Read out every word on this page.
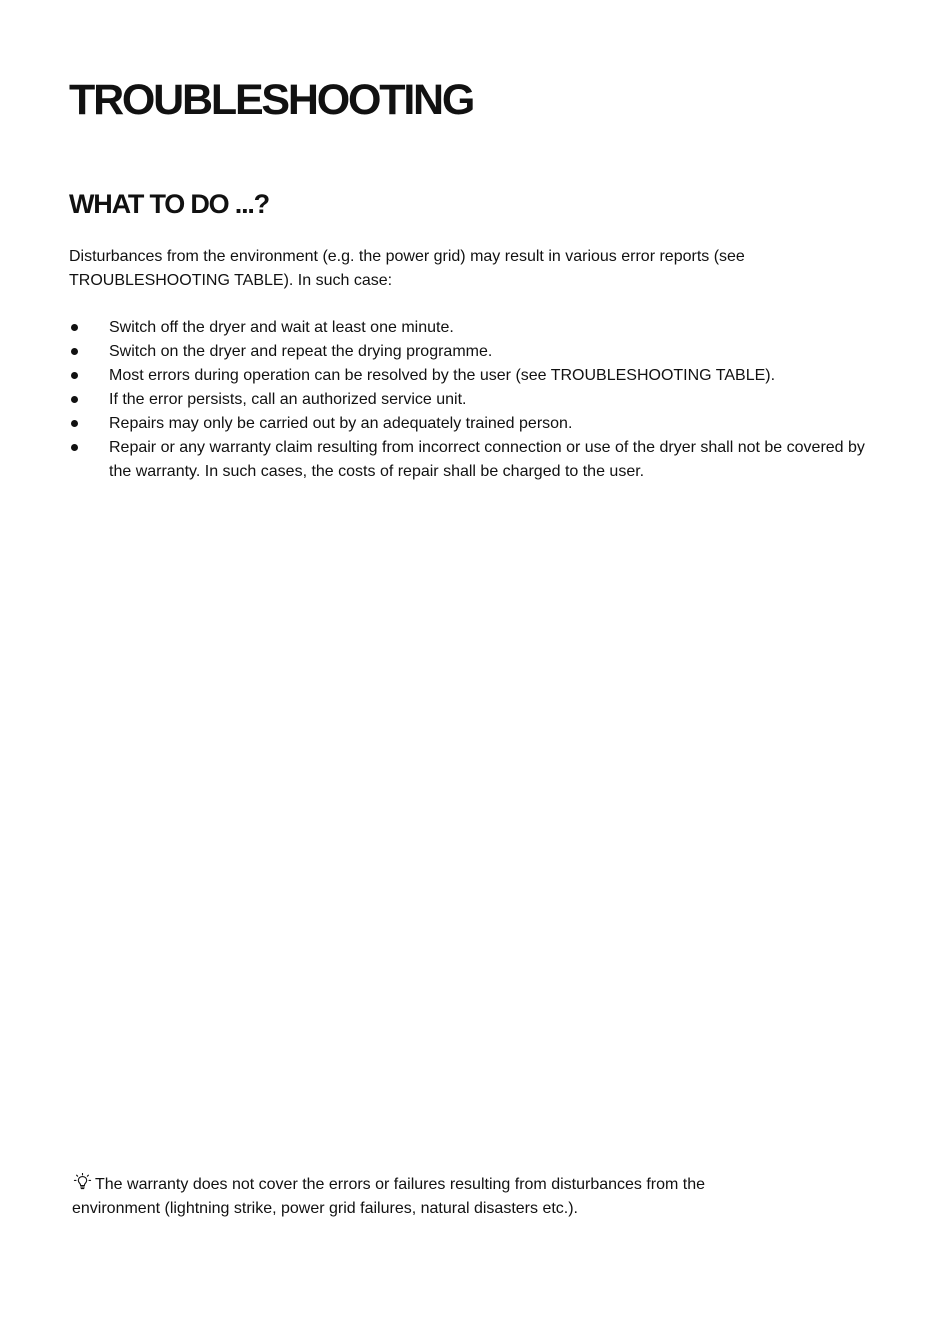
TROUBLESHOOTING
WHAT TO DO ...?

Disturbances from the environment (e.g. the power grid) may result in various error reports (see
TROUBLESHOOTING TABLE). In such case:

Switch off the dryer and wait at least one minute.
Switch on the dryer and repeat the drying programme.
Most errors during operation can be resolved by the user (see TROUBLESHOOTING TABLE).
If the error persists, call an authorized service unit.
Repairs may only be carried out by an adequately trained person.
Repair or any warranty claim resulting from incorrect connection or use of the dryer shall not be covered by the warranty. In such cases, the costs of repair shall be charged to the user.

The warranty does not cover the errors or failures resulting from disturbances from the
environment (lightning strike, power grid failures, natural disasters etc.).
